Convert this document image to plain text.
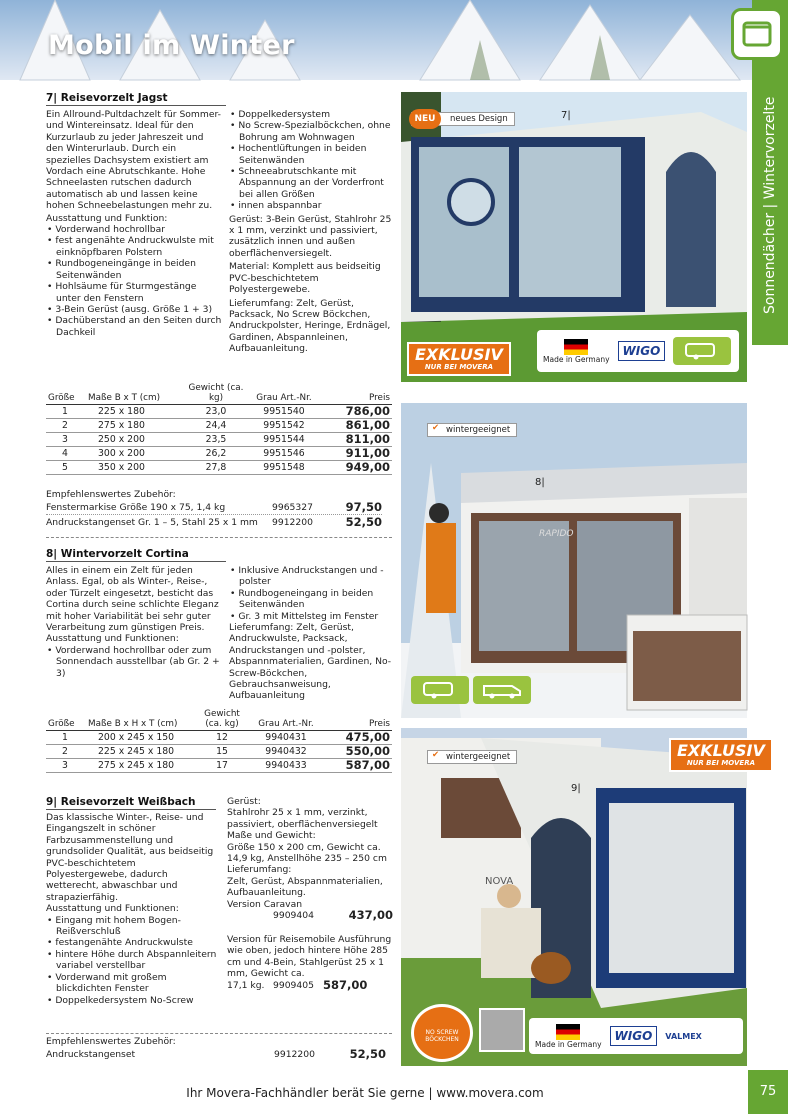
Mobil im Winter
Sonnendächer | Wintervorzelte
7| Reisevorzelt Jagst

Ein Allround-Pultdachzelt für Sommer- und Wintereinsatz. Ideal für den Kurzurlaub zu jeder Jahreszeit und den Winterurlaub. Durch ein spezielles Dachsystem existiert am Vordach eine Abrutschkante. Hohe Schneelasten rutschen dadurch automatisch ab und lassen keine hohen Schneebelastungen mehr zu.

Ausstattung und Funktion:

• Vorderwand hochrollbar

• fest angenähte Andruckwulste mit einknöpfbaren Polstern

• Rundbogeneingänge in beiden Seitenwänden

• Hohlsäume für Sturmgestänge unter den Fenstern

• 3-Bein Gerüst (ausg. Größe 1 + 3)

• Dachüberstand an den Seiten durch Dachkeil

• Doppelkedersystem

• No Screw-Spezialböckchen, ohne Bohrung am Wohnwagen

• Hochentlüftungen in beiden Seitenwänden

• Schneeabrutschkante mit Abspannung an der Vorderfront bei allen Größen

• innen abspannbar

Gerüst: 3-Bein Gerüst, Stahlrohr 25 x 1 mm, verzinkt und passiviert, zusätzlich innen und außen oberflächenversiegelt.

Material: Komplett aus beidseitig PVC-beschichtetem Polyestergewebe.

Lieferumfang: Zelt, Gerüst, Packsack, No Screw Böckchen, Andruckpolster, Heringe, Erdnägel, Gardinen, Abspannleinen, Aufbauanleitung.

Größe	Maße B x T (cm)	Gewicht (ca. kg)	Grau Art.-Nr.	Preis
1	225 x 180	23,0	9951540	786,00
2	275 x 180	24,4	9951542	861,00
3	250 x 200	23,5	9951544	811,00
4	300 x 200	26,2	9951546	911,00
5	350 x 200	27,8	9951548	949,00
Empfehlenswertes Zubehör:
Fenstermarkise Größe 190 x 75, 1,4 kg	9965327	97,50
Andruckstangenset Gr. 1 – 5, Stahl 25 x 1 mm 9912200	52,50
8| Wintervorzelt Cortina

Alles in einem ein Zelt für jeden Anlass. Egal, ob als Winter-, Reise-, oder Türzelt eingesetzt, besticht das Cortina durch seine schlichte Eleganz mit hoher Variabilität bei sehr guter Verarbeitung zum günstigen Preis.

Ausstattung und Funktionen:

• Vorderwand hochrollbar oder zum Sonnendach ausstellbar (ab Gr. 2 + 3)

• Inklusive Andruckstangen und -polster

• Rundbogeneingang in beiden Seitenwänden

• Gr. 3 mit Mittelsteg im Fenster

Lieferumfang: Zelt, Gerüst, Andruckwulste, Packsack, Andruckstangen und -polster, Abspannmaterialien, Gardinen, No-Screw-Böckchen, Gebrauchsanweisung, Aufbauanleitung

Größe	Maße B x H x T (cm)	Gewicht (ca. kg)	Grau Art.-Nr.	Preis
1	200 x 245 x 150	12	9940431	475,00
2	225 x 245 x 180	15	9940432	550,00
3	275 x 245 x 180	17	9940433	587,00
9| Reisevorzelt Weißbach

Das klassische Winter-, Reise- und Eingangszelt in schöner Farbzusammenstellung und grundsolider Qualität, aus beidseitig PVC-beschichtetem Polyestergewebe, dadurch wetterecht, abwaschbar und strapazierfähig.

Ausstattung und Funktionen:

• Eingang mit hohem Bogen-Reißverschluß

• festangenähte Andruckwulste

• hintere Höhe durch Abspannleitern variabel verstellbar

• Vorderwand mit großem blickdichten Fenster

• Doppelkedersystem No-Screw

Gerüst:

Stahlrohr 25 x 1 mm, verzinkt, passiviert, oberflächenversiegelt

Maße und Gewicht:

Größe 150 x 200 cm, Gewicht ca. 14,9 kg, Anstellhöhe 235 – 250 cm

Lieferumfang:

Zelt, Gerüst, Abspannmaterialien, Aufbauanleitung.

Version Caravan

9909404	437,00

Version für Reisemobile Ausführung wie oben, jedoch hintere Höhe 285 cm und 4-Bein, Stahlgerüst 25 x 1 mm, Gewicht ca.

17,1 kg. 9909405 587,00
Empfehlenswertes Zubehör:
Andruckstangenset	9912200	52,50
neues Design
NEU	7|
EXKLUSIV
NUR BEI MOVERA
Made in Germany
WIGO
✔ wintergeeignet
8|
RAPIDO
✔ wintergeeignet
9|
NOVA
EXKLUSIV
NUR BEI MOVERA
NO SCREW BÖCKCHEN	Made in Germany
WIGO	VALMEX
Ihr Movera-Fachhändler berät Sie gerne | www.movera.com	75
